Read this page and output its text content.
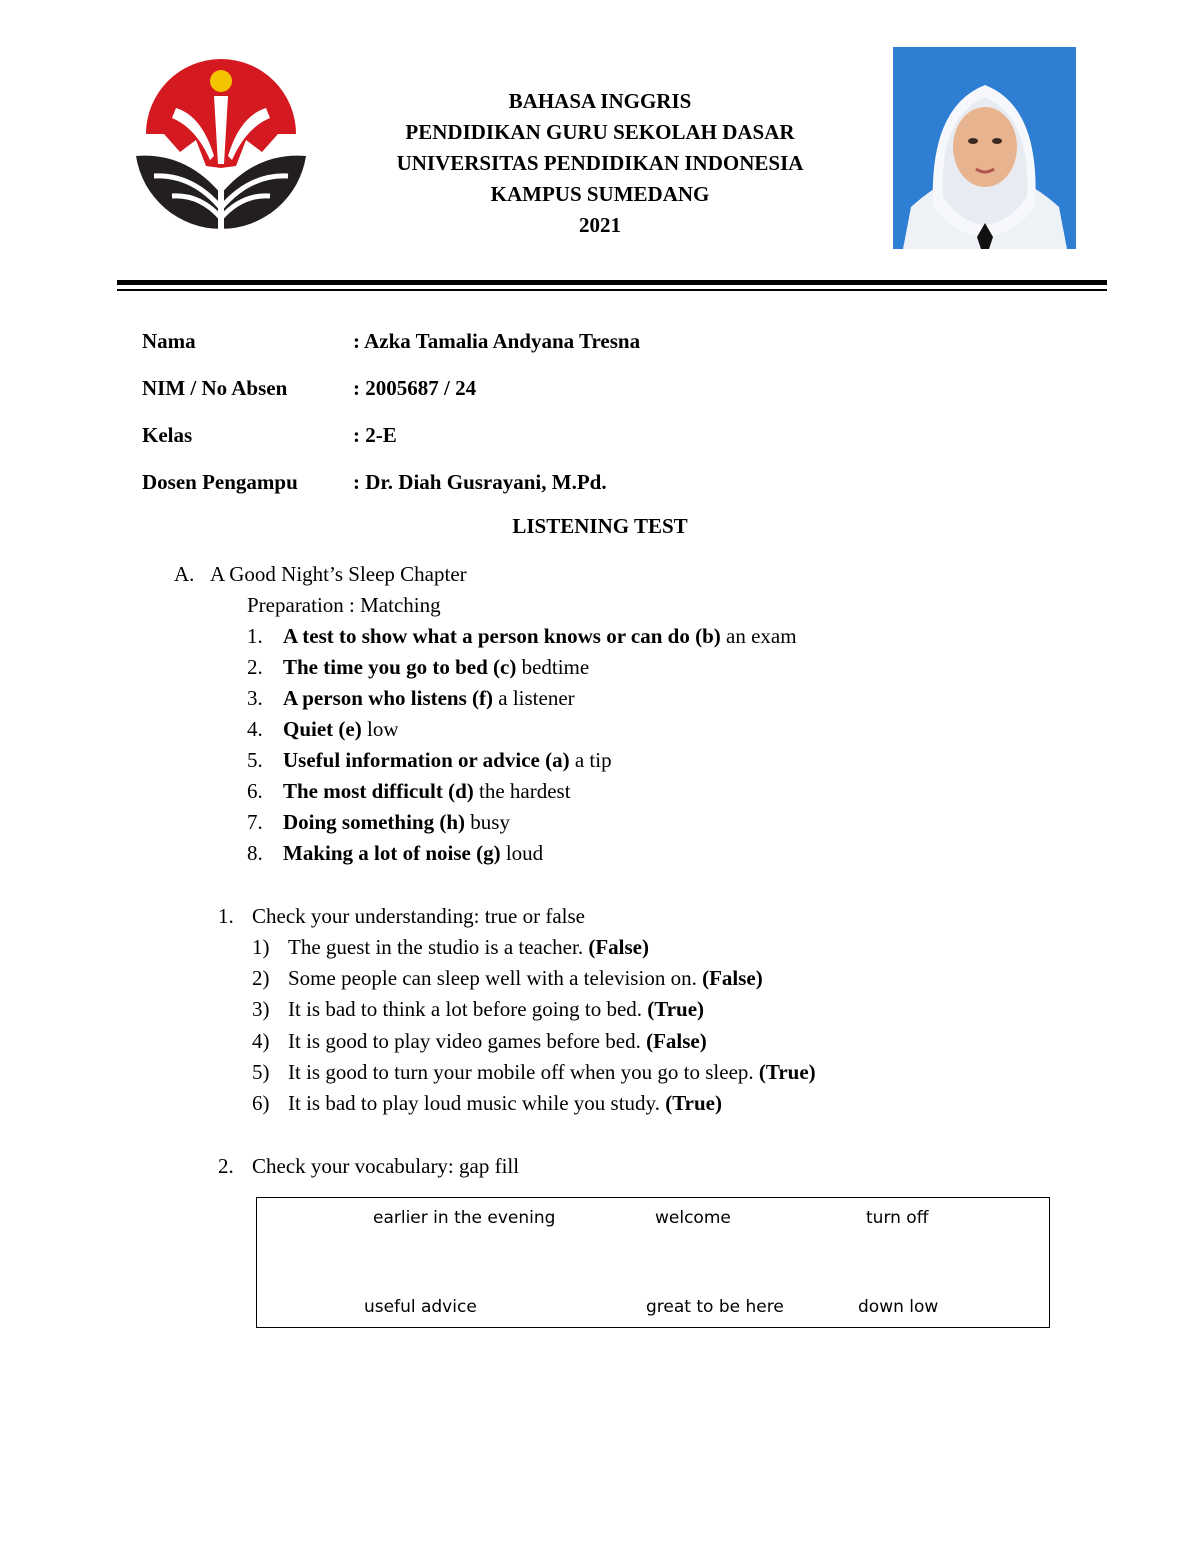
BAHASA INGGRIS
PENDIDIKAN GURU SEKOLAH DASAR
UNIVERSITAS PENDIDIKAN INDONESIA
KAMPUS SUMEDANG
2021
Nama	: Azka Tamalia Andyana Tresna
NIM / No Absen	: 2005687 / 24
Kelas	: 2-E
Dosen Pengampu	: Dr. Diah Gusrayani, M.Pd.
LISTENING TEST
A. A Good Night’s Sleep Chapter
Preparation : Matching
1. A test to show what a person knows or can do (b) an exam
2. The time you go to bed (c) bedtime
3. A person who listens (f) a listener
4. Quiet (e) low
5. Useful information or advice (a) a tip
6. The most difficult (d) the hardest
7. Doing something (h) busy
8. Making a lot of noise (g) loud
1. Check your understanding: true or false
1) The guest in the studio is a teacher. (False)
2) Some people can sleep well with a television on. (False)
3) It is bad to think a lot before going to bed. (True)
4) It is good to play video games before bed. (False)
5) It is good to turn your mobile off when you go to sleep. (True)
6) It is bad to play loud music while you study. (True)
2. Check your vocabulary: gap fill
earlier in the evening	welcome	turn off
useful advice	great to be here	down low
